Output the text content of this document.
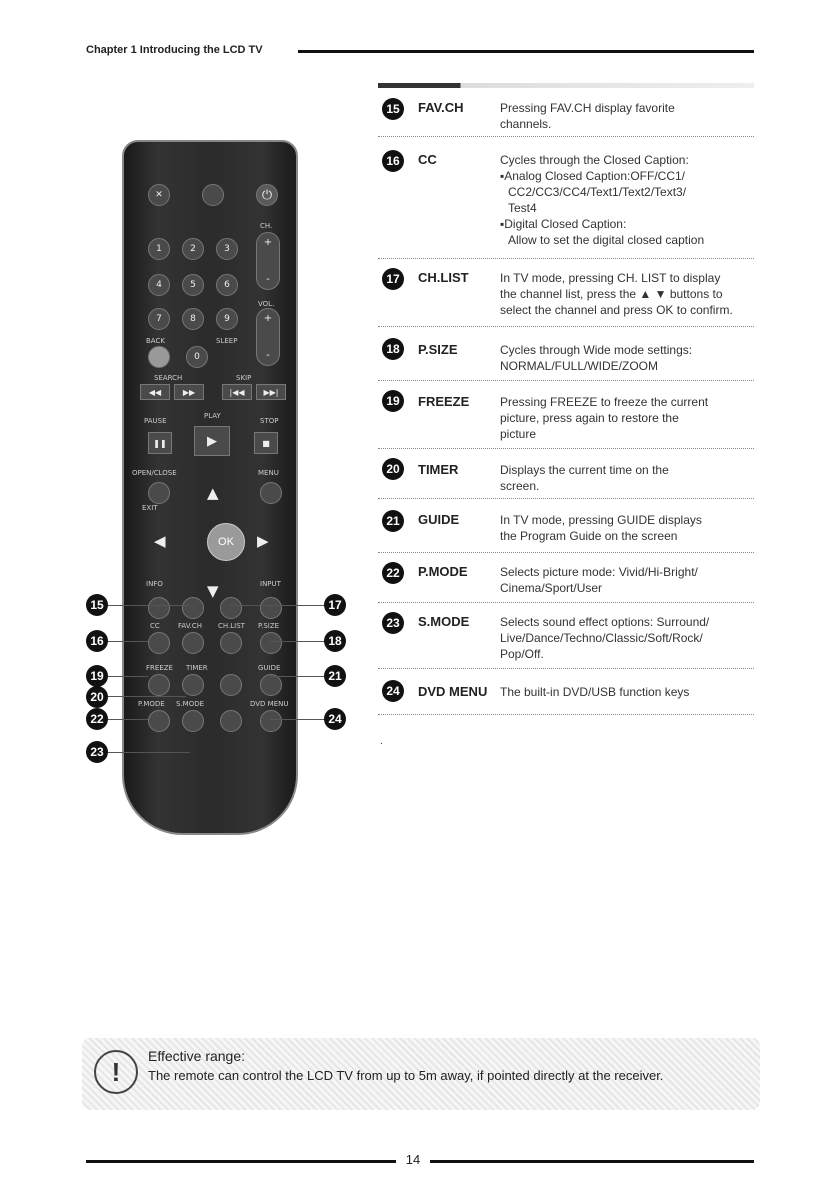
Chapter 1 Introducing the LCD TV
✕	⏻
CH.
+
-
VOL.
+
-
1	2	3
4	5	6
7	8	9
BACK	SLEEP
0
SEARCH	SKIP
◀◀	▶▶	|◀◀	▶▶|
PAUSE
PLAY
STOP
❚❚	▶	■
OPEN/CLOSE	MENU
EXIT
▲
◀	▶
▼
OK
INFO	INPUT
CC	FAV.CH CH.LIST P.SIZE
FREEZE TIMER	GUIDE
P.MODE S.MODE	DVD MENU
15
16
17
18
19
20
21
22
23
24
15	FAV.CH	Pressing FAV.CH display favorite
channels.
16	CC	Cycles through the Closed Caption:
▪Analog Closed Caption:OFF/CC1/
CC2/CC3/CC4/Text1/Text2/Text3/
Test4
▪Digital Closed Caption:
Allow to set the digital closed caption
17	CH.LIST	In TV mode, pressing CH. LIST to display
the channel list, press the ▲ ▼ buttons to
select the channel and press OK to confirm.
18	P.SIZE	Cycles through Wide mode settings:
NORMAL/FULL/WIDE/ZOOM
19	FREEZE	Pressing FREEZE to freeze the current
picture, press again to restore the
picture
20	TIMER	Displays the current time on the
screen.
21	GUIDE	In TV mode, pressing GUIDE displays
the Program Guide on the screen
22	P.MODE	Selects picture mode: Vivid/Hi-Bright/
Cinema/Sport/User
23	S.MODE	Selects sound effect options: Surround/
Live/Dance/Techno/Classic/Soft/Rock/
Pop/Off.
24	DVD MENU The built-in DVD/USB function keys
.
!
Effective range:
The remote can control the LCD TV from up to 5m away, if pointed directly at the receiver.
14
